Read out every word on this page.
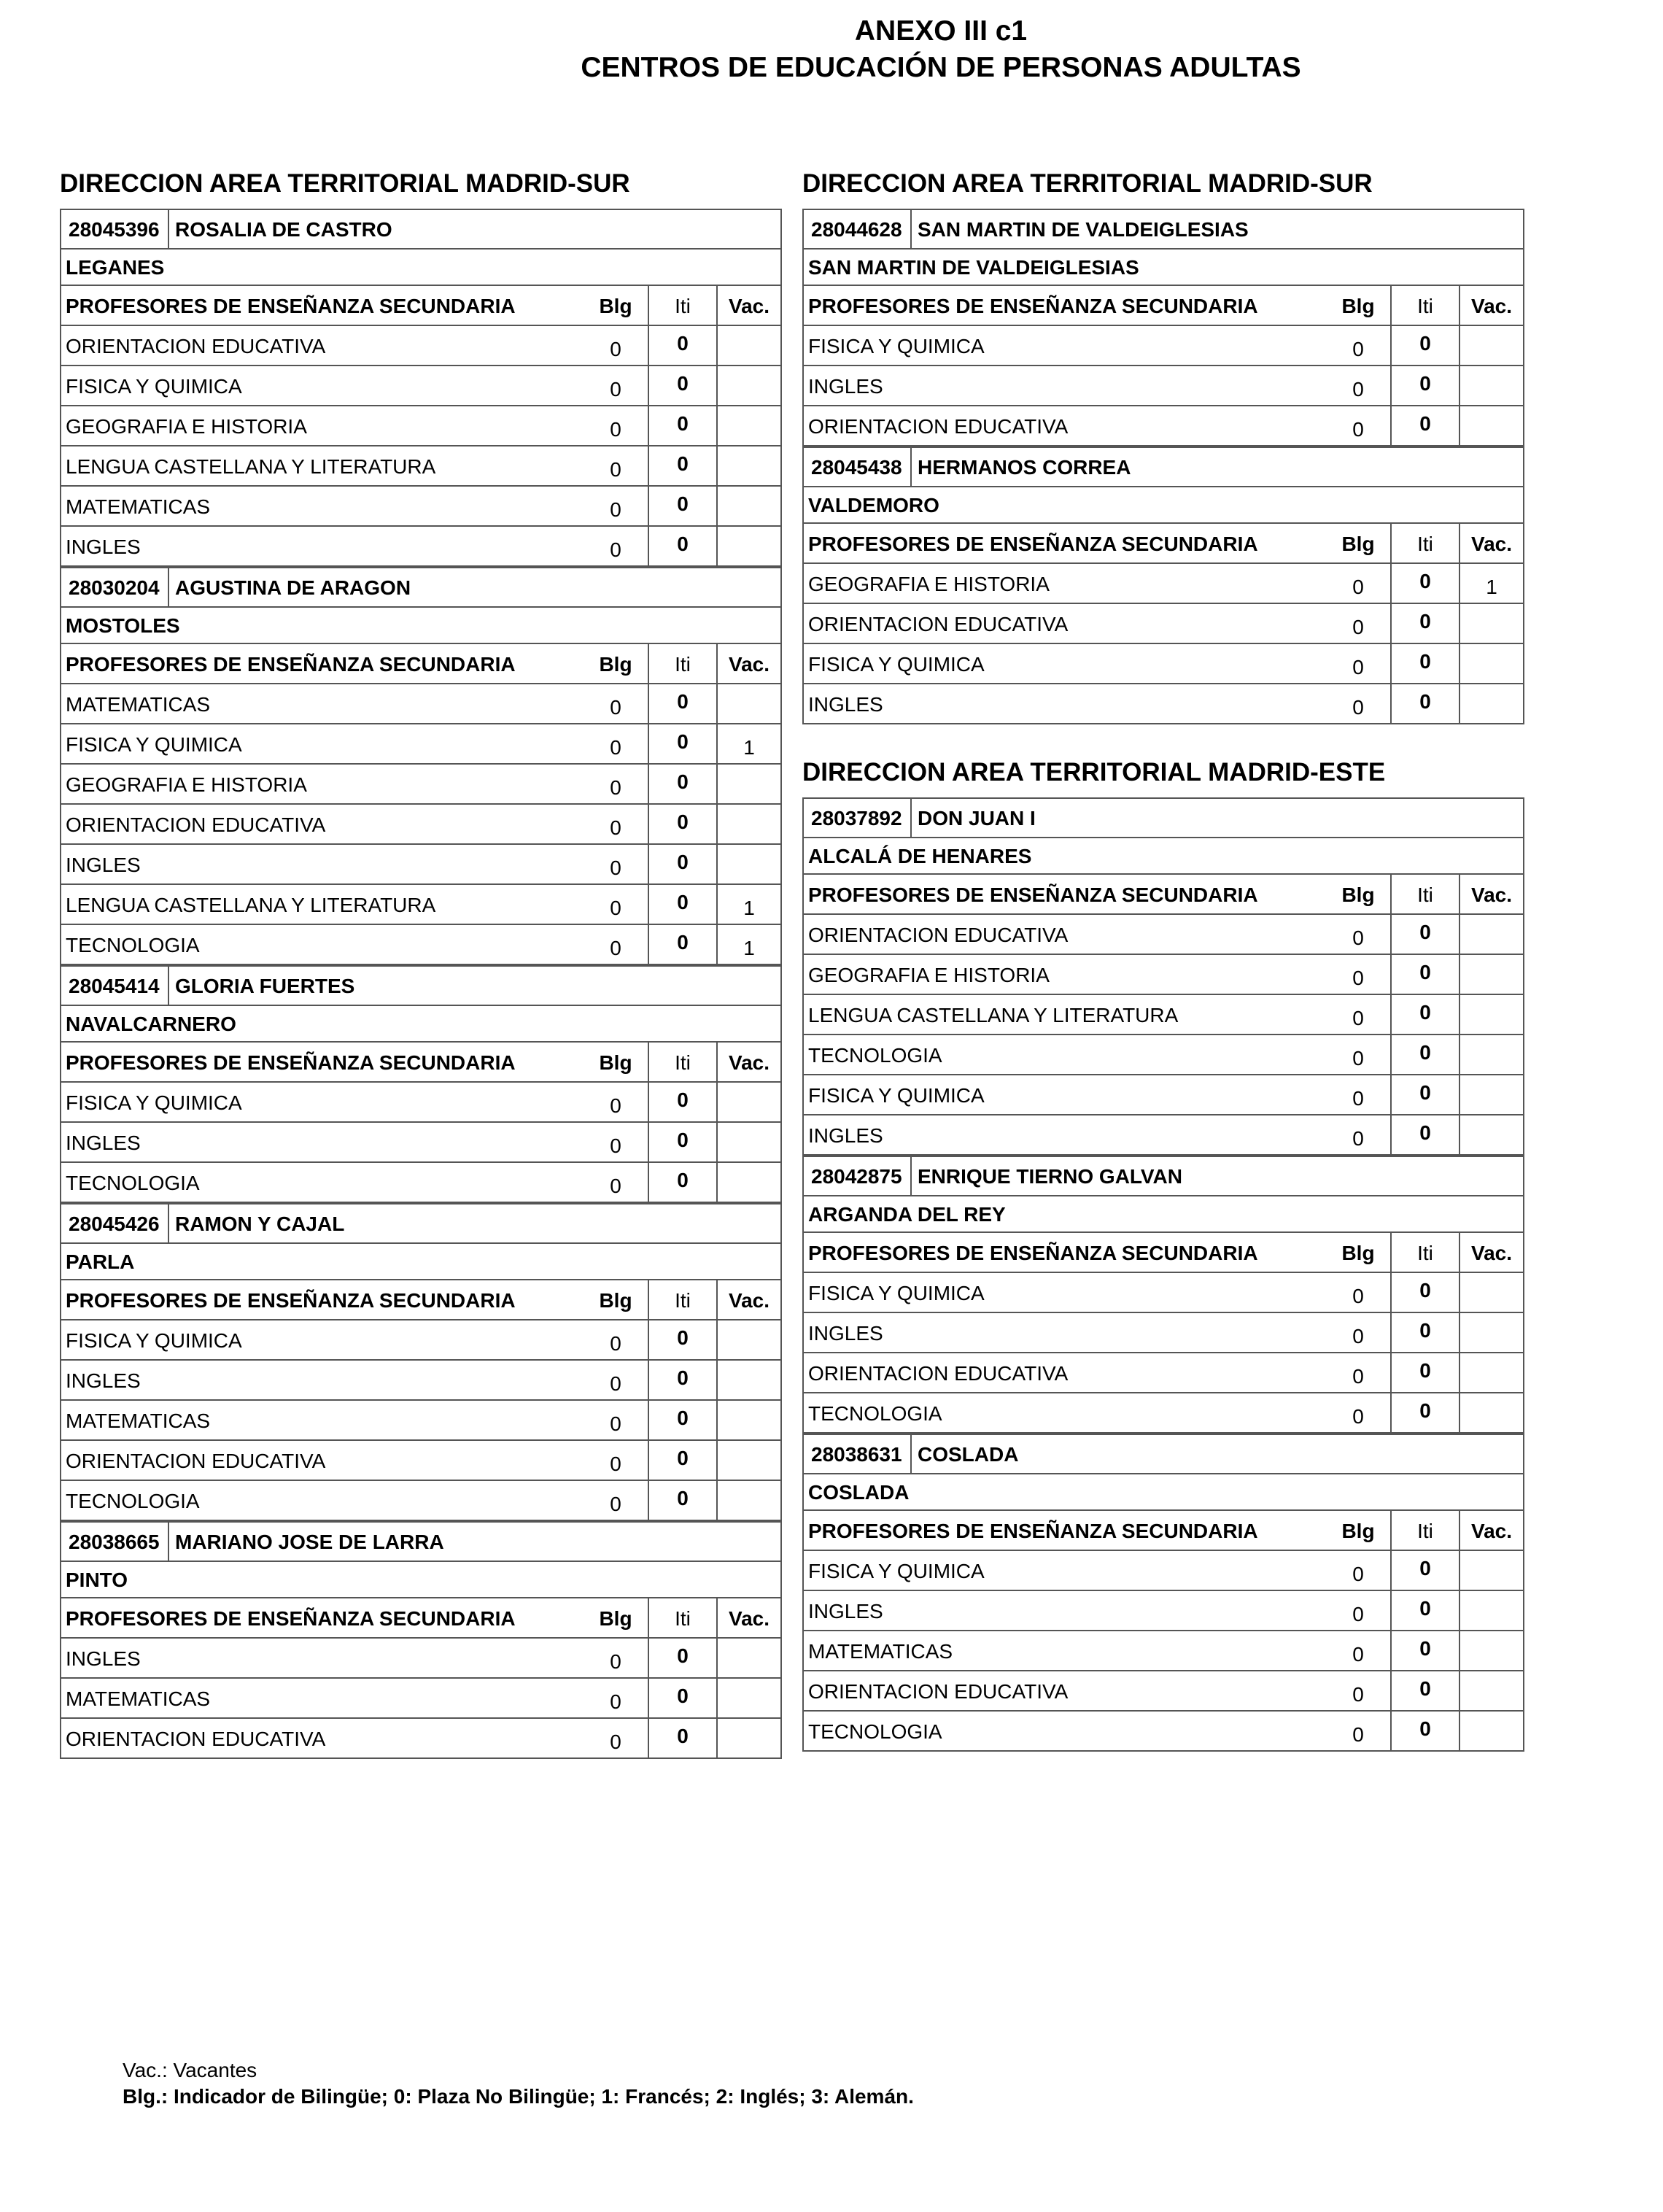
ANEXO III c1
CENTROS DE EDUCACIÓN DE PERSONAS ADULTAS
DIRECCION AREA TERRITORIAL MADRID-SUR
28045396 ROSALIA DE CASTRO
LEGANES
PROFESORES DE ENSEÑANZA SECUNDARIA	Blg	Iti	Vac.
ORIENTACION EDUCATIVA	0	0
FISICA Y QUIMICA	0	0
GEOGRAFIA E HISTORIA	0	0
LENGUA CASTELLANA Y LITERATURA	0	0
MATEMATICAS	0	0
INGLES	0	0
28030204 AGUSTINA DE ARAGON
MOSTOLES
PROFESORES DE ENSEÑANZA SECUNDARIA	Blg	Iti	Vac.
MATEMATICAS	0	0
FISICA Y QUIMICA	0	0	1
GEOGRAFIA E HISTORIA	0	0
ORIENTACION EDUCATIVA	0	0
INGLES	0	0
LENGUA CASTELLANA Y LITERATURA	0	0	1
TECNOLOGIA	0	0	1
28045414 GLORIA FUERTES
NAVALCARNERO
PROFESORES DE ENSEÑANZA SECUNDARIA	Blg	Iti	Vac.
FISICA Y QUIMICA	0	0
INGLES	0	0
TECNOLOGIA	0	0
28045426 RAMON Y CAJAL
PARLA
PROFESORES DE ENSEÑANZA SECUNDARIA	Blg	Iti	Vac.
FISICA Y QUIMICA	0	0
INGLES	0	0
MATEMATICAS	0	0
ORIENTACION EDUCATIVA	0	0
TECNOLOGIA	0	0
28038665 MARIANO JOSE DE LARRA
PINTO
PROFESORES DE ENSEÑANZA SECUNDARIA	Blg	Iti	Vac.
INGLES	0	0
MATEMATICAS	0	0
ORIENTACION EDUCATIVA	0	0
DIRECCION AREA TERRITORIAL MADRID-SUR
28044628 SAN MARTIN DE VALDEIGLESIAS
SAN MARTIN DE VALDEIGLESIAS
PROFESORES DE ENSEÑANZA SECUNDARIA	Blg	Iti	Vac.
FISICA Y QUIMICA	0	0
INGLES	0	0
ORIENTACION EDUCATIVA	0	0
28045438 HERMANOS CORREA
VALDEMORO
PROFESORES DE ENSEÑANZA SECUNDARIA	Blg	Iti	Vac.
GEOGRAFIA E HISTORIA	0	0	1
ORIENTACION EDUCATIVA	0	0
FISICA Y QUIMICA	0	0
INGLES	0	0
DIRECCION AREA TERRITORIAL MADRID-ESTE
28037892 DON JUAN I
ALCALÁ DE HENARES
PROFESORES DE ENSEÑANZA SECUNDARIA	Blg	Iti	Vac.
ORIENTACION EDUCATIVA	0	0
GEOGRAFIA E HISTORIA	0	0
LENGUA CASTELLANA Y LITERATURA	0	0
TECNOLOGIA	0	0
FISICA Y QUIMICA	0	0
INGLES	0	0
28042875 ENRIQUE TIERNO GALVAN
ARGANDA DEL REY
PROFESORES DE ENSEÑANZA SECUNDARIA	Blg	Iti	Vac.
FISICA Y QUIMICA	0	0
INGLES	0	0
ORIENTACION EDUCATIVA	0	0
TECNOLOGIA	0	0
28038631 COSLADA
COSLADA
PROFESORES DE ENSEÑANZA SECUNDARIA	Blg	Iti	Vac.
FISICA Y QUIMICA	0	0
INGLES	0	0
MATEMATICAS	0	0
ORIENTACION EDUCATIVA	0	0
TECNOLOGIA	0	0
Vac.: Vacantes
Blg.: Indicador de Bilingüe; 0: Plaza No Bilingüe; 1: Francés; 2: Inglés; 3: Alemán.
